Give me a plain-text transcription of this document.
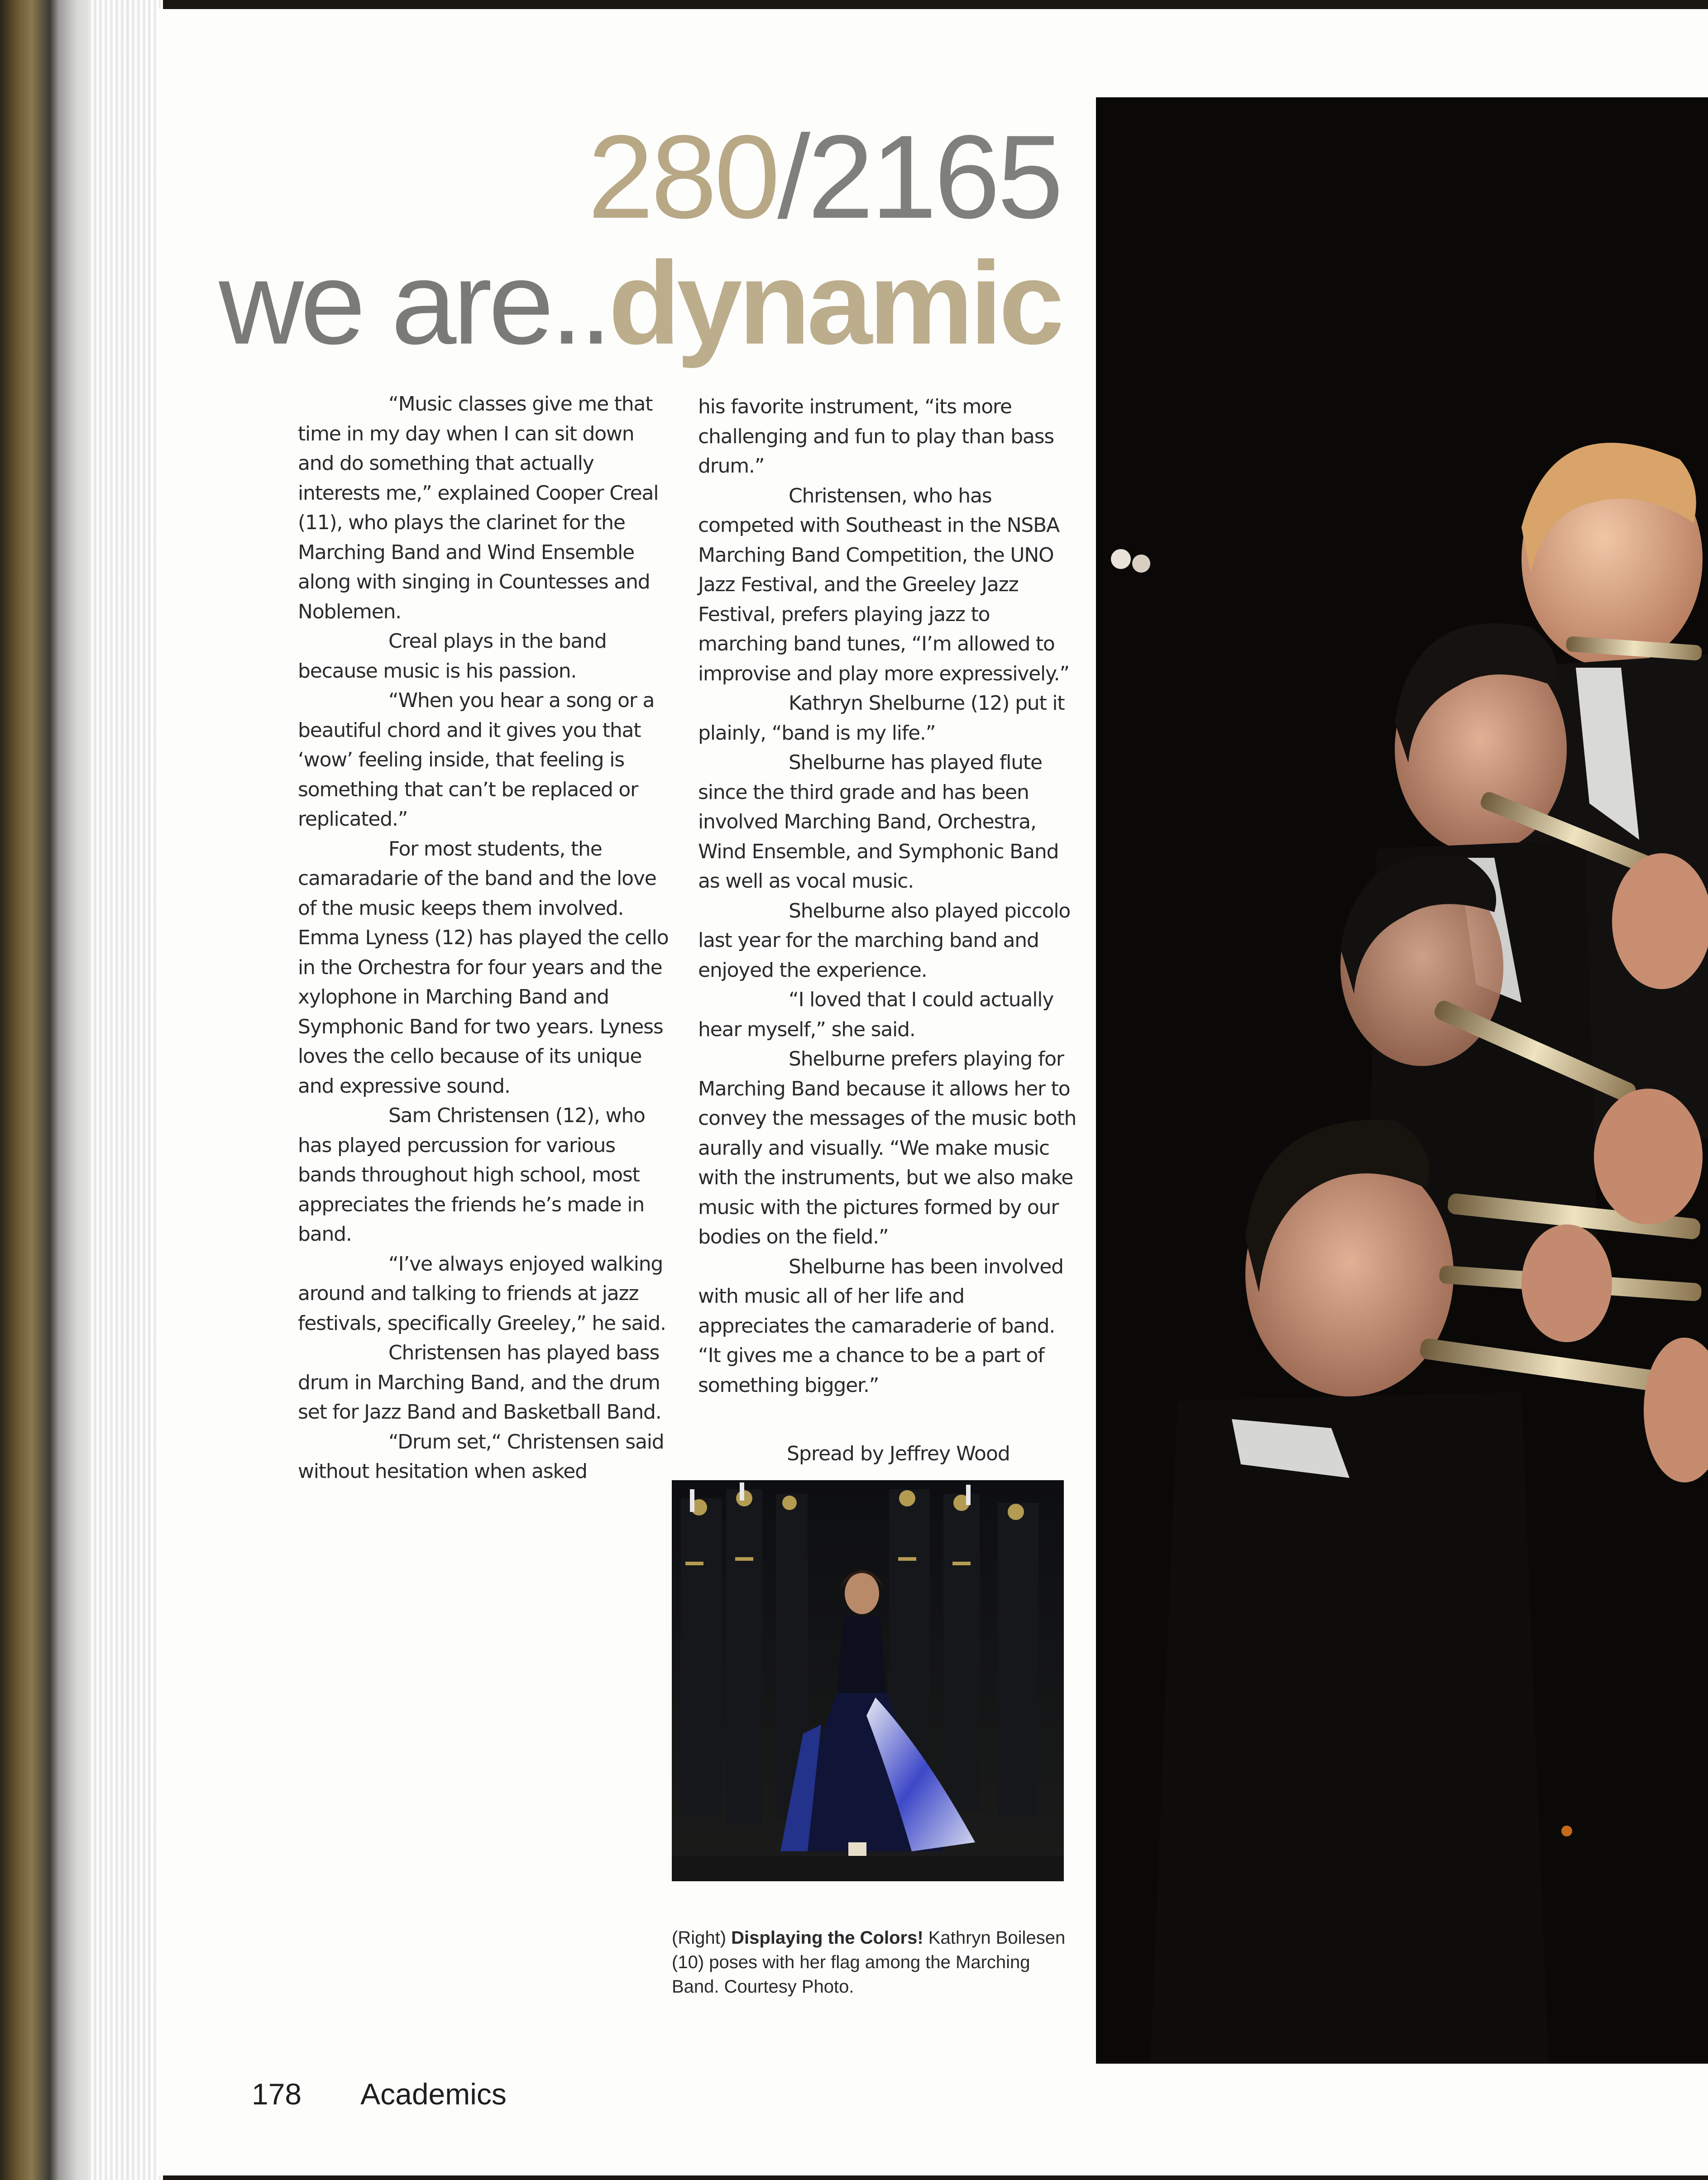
280/2165
we are..dynamic

“Music classes give me that time in my day when I can sit down and do something that actually interests me,” explained Cooper Creal (11), who plays the clarinet for the Marching Band and Wind Ensemble along with singing in Countesses and Noblemen.

Creal plays in the band because music is his passion.

“When you hear a song or a beautiful chord and it gives you that ‘wow’ feeling inside, that feeling is something that can’t be replaced or replicated.”

For most students, the camaradarie of the band and the love of the music keeps them involved. Emma Lyness (12) has played the cello in the Orchestra for four years and the xylophone in Marching Band and Symphonic Band for two years. Lyness loves the cello because of its unique and expressive sound.

Sam Christensen (12), who has played percussion for various bands throughout high school, most appreciates the friends he’s made in band.

“I’ve always enjoyed walking around and talking to friends at jazz festivals, specifically Greeley,” he said.

Christensen has played bass drum in Marching Band, and the drum set for Jazz Band and Basketball Band.

“Drum set,“ Christensen said without hesitation when asked

his favorite instrument, “its more challenging and fun to play than bass drum.”

Christensen, who has competed with Southeast in the NSBA Marching Band Competition, the UNO Jazz Festival, and the Greeley Jazz Festival, prefers playing jazz to marching band tunes, “I’m allowed to improvise and play more expressively.”

Kathryn Shelburne (12) put it plainly, “band is my life.”

Shelburne has played flute since the third grade and has been involved Marching Band, Orchestra, Wind Ensemble, and Symphonic Band as well as vocal music.

Shelburne also played piccolo last year for the marching band and enjoyed the experience.

“I loved that I could actually hear myself,” she said.

Shelburne prefers playing for Marching Band because it allows her to convey the messages of the music both aurally and visually. “We make music with the instruments, but we also make music with the pictures formed by our bodies on the field.”

Shelburne has been involved with music all of her life and appreciates the camaraderie of band. “It gives me a chance to be a part of something bigger.”

Spread by Jeffrey Wood
(Right) Displaying the Colors! Kathryn Boilesen (10) poses with her flag among the Marching Band. Courtesy Photo.
178 Academics
